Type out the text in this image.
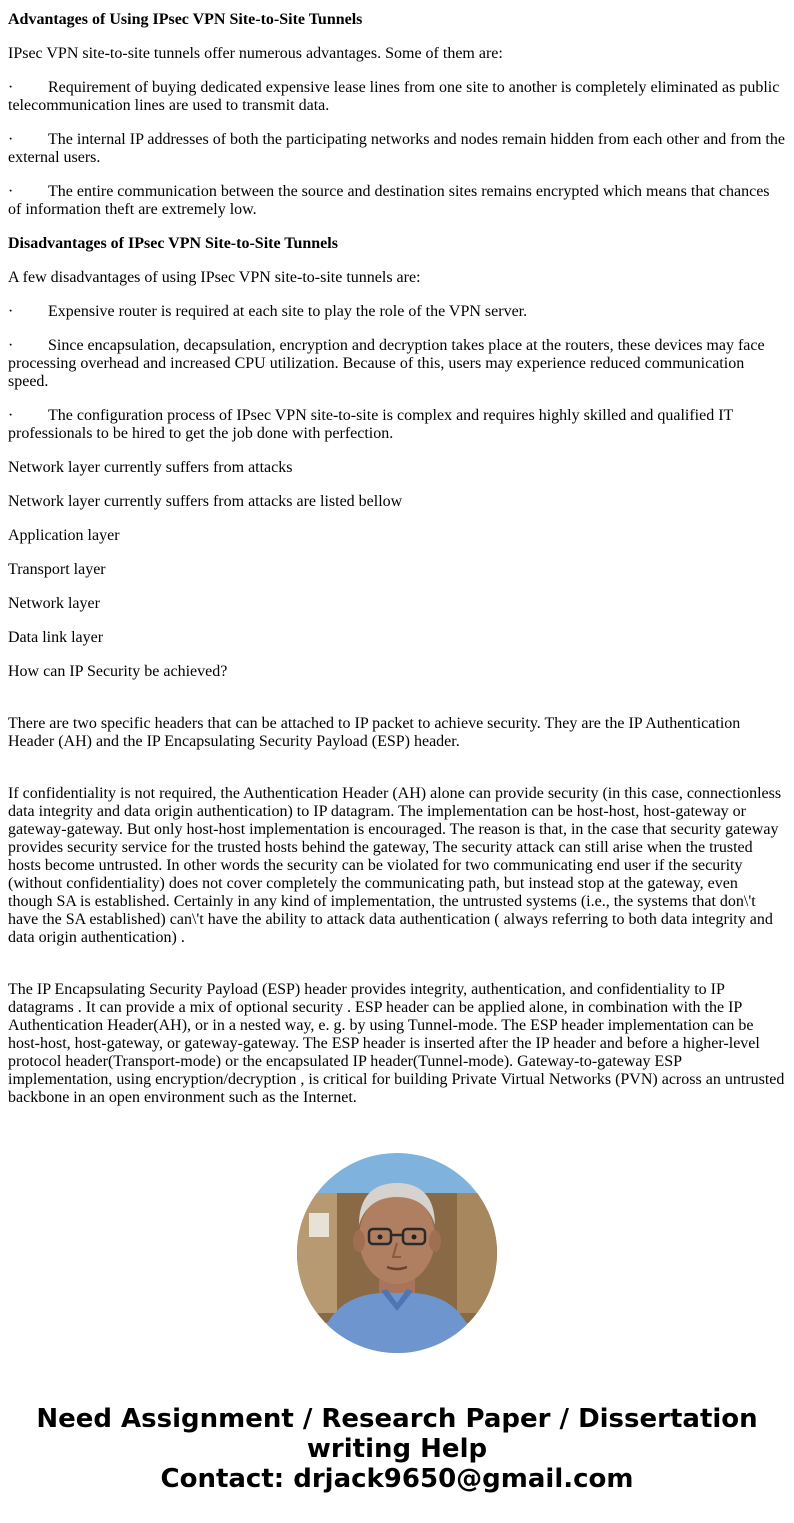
Advantages of Using IPsec VPN Site-to-Site Tunnels

IPsec VPN site-to-site tunnels offer numerous advantages. Some of them are:

· Requirement of buying dedicated expensive lease lines from one site to another is completely eliminated as public telecommunication lines are used to transmit data.

· The internal IP addresses of both the participating networks and nodes remain hidden from each other and from the external users.

· The entire communication between the source and destination sites remains encrypted which means that chances of information theft are extremely low.

Disadvantages of IPsec VPN Site-to-Site Tunnels

A few disadvantages of using IPsec VPN site-to-site tunnels are:

· Expensive router is required at each site to play the role of the VPN server.

· Since encapsulation, decapsulation, encryption and decryption takes place at the routers, these devices may face processing overhead and increased CPU utilization. Because of this, users may experience reduced communication speed.

· The configuration process of IPsec VPN site-to-site is complex and requires highly skilled and qualified IT professionals to be hired to get the job done with perfection.

Network layer currently suffers from attacks

Network layer currently suffers from attacks are listed bellow

Application layer

Transport layer

Network layer

Data link layer

How can IP Security be achieved?

There are two specific headers that can be attached to IP packet to achieve security. They are the IP Authentication Header (AH) and the IP Encapsulating Security Payload (ESP) header.

If confidentiality is not required, the Authentication Header (AH) alone can provide security (in this case, connectionless data integrity and data origin authentication) to IP datagram. The implementation can be host-host, host-gateway or gateway-gateway. But only host-host implementation is encouraged. The reason is that, in the case that security gateway provides security service for the trusted hosts behind the gateway, The security attack can still arise when the trusted hosts become untrusted. In other words the security can be violated for two communicating end user if the security (without confidentiality) does not cover completely the communicating path, but instead stop at the gateway, even though SA is established. Certainly in any kind of implementation, the untrusted systems (i.e., the systems that don\'t have the SA established) can\'t have the ability to attack data authentication ( always referring to both data integrity and data origin authentication) .

The IP Encapsulating Security Payload (ESP) header provides integrity, authentication, and confidentiality to IP datagrams . It can provide a mix of optional security . ESP header can be applied alone, in combination with the IP Authentication Header(AH), or in a nested way, e. g. by using Tunnel-mode. The ESP header implementation can be host-host, host-gateway, or gateway-gateway. The ESP header is inserted after the IP header and before a higher-level protocol header(Transport-mode) or the encapsulated IP header(Tunnel-mode). Gateway-to-gateway ESP implementation, using encryption/decryption , is critical for building Private Virtual Networks (PVN) across an untrusted backbone in an open environment such as the Internet.

Need Assignment / Research Paper / Dissertation writing Help
Contact: drjack9650@gmail.com
